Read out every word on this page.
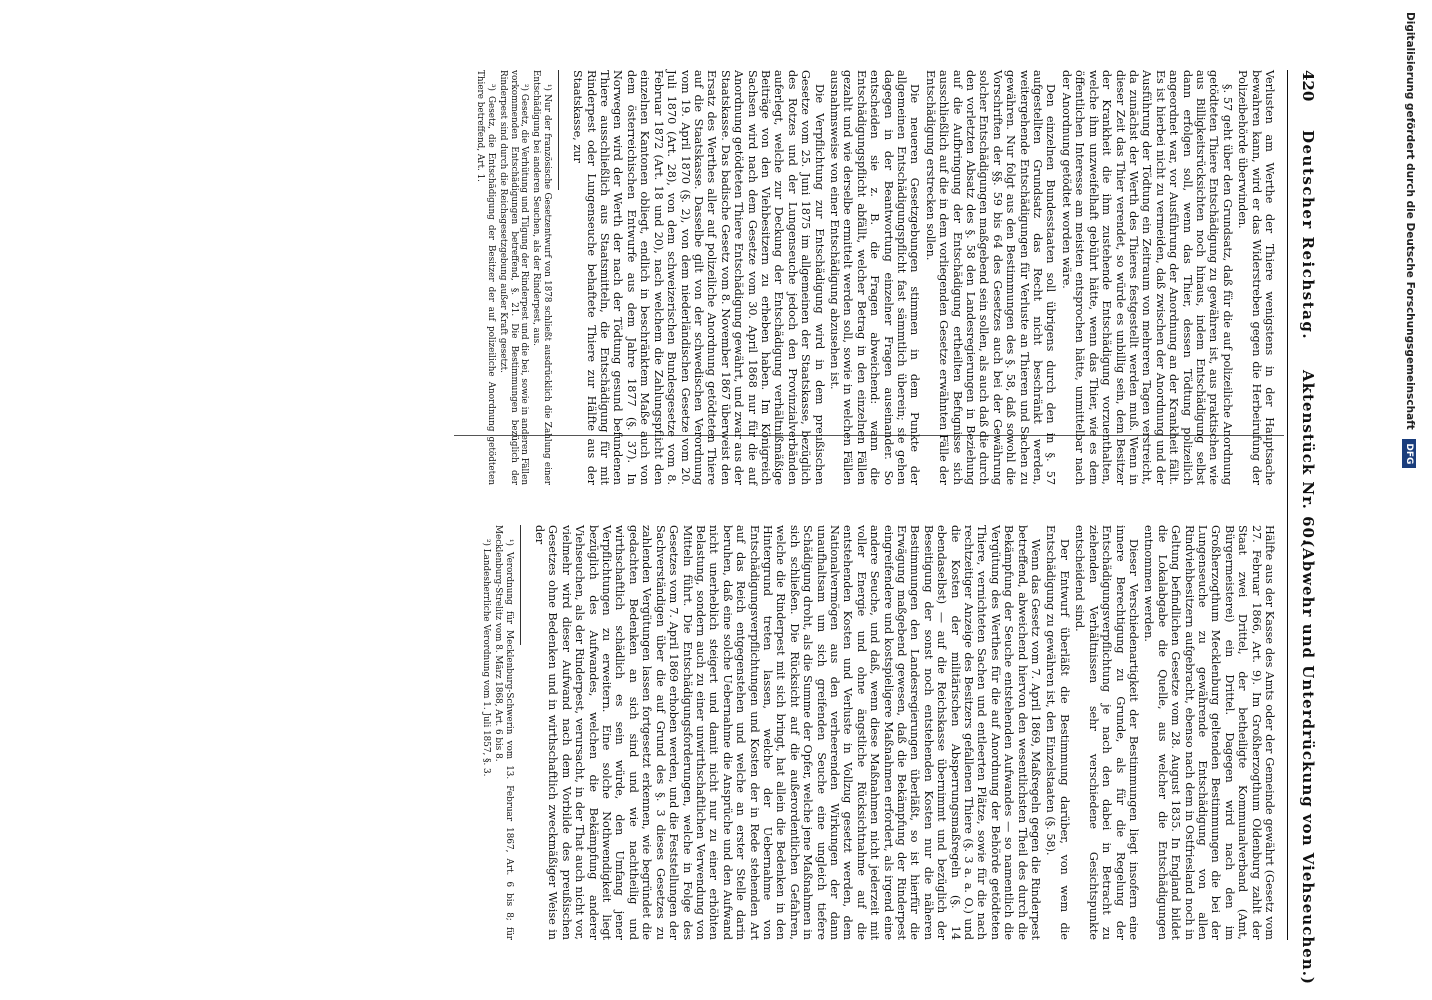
420
Deutscher Reichstag.
Aktenstück Nr. 60.
(Abwehr und Unterdrückung von Viehseuchen.)

Verlusten am Werthe der Thiere wenigstens in der Hauptsache bewahren kann, wird er das Widerstreben gegen die Herbeirufung der Polizeibehörde überwinden.

§. 57 geht über den Grundsatz, daß für die auf polizeiliche Anordnung getödteten Thiere Entschädigung zu gewähren ist, aus praktischen wie aus Billigkeitsrücksichten noch hinaus, indem Entschädigung selbst dann erfolgen soll, wenn das Thier, dessen Tödtung polizeilich angeordnet war, vor Ausführung der Anordnung an der Krankheit fällt. Es ist hierbei nicht zu vermeiden, daß zwischen der Anordnung und der Ausführung der Tödtung ein Zeitraum von mehreren Tagen verstreicht, da zunächst der Werth des Thieres festgestellt werden muß. Wenn in dieser Zeit das Thier verendet, so würde es unbillig sein, dem Besitzer der Krankheit die ihm zustehende Entschädigung vorzuenthalten, welche ihm unzweifelhaft gebührt hätte, wenn das Thier, wie es dem öffentlichen Interesse am meisten entsprochen hätte, unmittelbar nach der Anordnung getödtet worden wäre.

Den einzelnen Bundesstaaten soll übrigens durch den in §. 57 aufgestellten Grundsatz das Recht nicht beschränkt werden, weitergehende Entschädigungen für Verluste an Thieren und Sachen zu gewähren. Nur folgt aus den Bestimmungen des §. 58, daß sowohl die Vorschriften der §§. 59 bis 64 des Gesetzes auch bei der Gewährung solcher Entschädigungen maßgebend sein sollen, als auch daß die durch den vorletzten Absatz des §. 58 den Landesregierungen in Beziehung auf die Aufbringung der Entschädigung ertheilten Befugnisse sich ausschließlich auf die in dem vorliegenden Gesetze erwähnten Fälle der Entschädigung erstrecken sollen.

Die neueren Gesetzgebungen stimmen in dem Punkte der allgemeinen Entschädigungspflicht fast sämmtlich überein; sie gehen dagegen in der Beantwortung einzelner Fragen auseinander. So entscheiden sie z. B. die Fragen abweichend: wann die Entschädigungspflicht abfällt, welcher Betrag in den einzelnen Fällen gezahlt und wie derselbe ermittelt werden soll, sowie in welchen Fällen ausnahmsweise von einer Entschädigung abzusehen ist.

Die Verpflichtung zur Entschädigung wird in dem preußischen Gesetze vom 25. Juni 1875 im allgemeinen der Staatskasse, bezüglich des Rotzes und der Lungenseuche jedoch den Provinzialverbänden auferlegt, welche zur Deckung der Entschädigung verhältnißmäßige Beiträge von den Viehbesitzern zu erheben haben. Im Königreich Sachsen wird nach dem Gesetze vom 30. April 1868 nur für die auf Anordnung getödteten Thiere Entschädigung gewährt, und zwar aus der Staatskasse. Das badische Gesetz vom 8. November 1867 überweist den Ersatz des Werthes aller auf polizeiliche Anordnung getödteten Thiere auf die Staatskasse. Dasselbe gilt von der schwedischen Verordnung vom 19. April 1870 (§. 2), von dem niederländischen Gesetze vom 20. Juli 1870 (Art. 28), von dem schweizerischen Bundesgesetze vom 8. Februar 1872 (Art. 18 und 20), nach welchem die Zahlungspflicht den einzelnen Kantonen obliegt, endlich in beschränktem Maße auch von dem österreichischen Entwurfe aus dem Jahre 1877 (§. 37). In Norwegen wird der Werth der nach der Tödtung gesund befundenen Thiere ausschließlich aus Staatsmitteln, die Entschädigung für mit Rinderpest oder Lungenseuche behaftete Thiere zur Hälfte aus der Staatskasse, zur

¹) Nur der französische Gesetzentwurf von 1878 schließt ausdrücklich die Zahlung einer Entschädigung bei anderen Seuchen, als der Rinderpest, aus.

²) Gesetz, die Verhütung und Tilgung der Rinderpest und die bei, sowie in anderen Fällen vorkommenden Entschädigungen betreffend, §. 21. Die Bestimmungen bezüglich der Rinderpest sind durch die Reichsgesetzgebung außer Kraft gesetzt.

³) Gesetz, die Entschädigung der Besitzer der auf polizeiliche Anordnung getödteten Thiere betreffend, Art. 1.

Hälfte aus der Kasse des Amts oder der Gemeinde gewährt (Gesetz vom 27. Februar 1866, Art. 9). Im Großherzogthum Oldenburg zahlt der Staat zwei Drittel, der betheiligte Kommunalverband (Amt, Bürgermeisterei) ein Drittel. Dagegen wird nach den im Großherzogthum Mecklenburg geltenden Bestimmungen die bei der Lungenseuche zu gewährende Entschädigung von allen Rindviehbesitzern aufgebracht, ebenso nach dem in Ostfriesland noch in Geltung befindlichen Gesetze vom 28. August 1835. In England bildet die Lokalabgabe die Quelle, aus welcher die Entschädigungen entnommen werden.

Dieser Verschiedenartigkeit der Bestimmungen liegt insofern eine innere Berechtigung zu Grunde, als für die Regelung der Entschädigungsverpflichtung je nach den dabei in Betracht zu ziehenden Verhältnissen sehr verschiedene Gesichtspunkte entscheidend sind.

Der Entwurf überläßt die Bestimmung darüber, von wem die Entschädigung zu gewähren ist, den Einzelstaaten (§. 58).

Wenn das Gesetz vom 7. April 1869, Maßregeln gegen die Rinderpest betreffend, abweichend hiervon den wesentlichsten Theil des durch die Bekämpfung der Seuche entstehenden Aufwandes — so namentlich die Vergütung des Werthes für die auf Anordnung der Behörde getödteten Thiere, vernichteten Sachen und entleerten Plätze, sowie für die nach rechtzeitiger Anzeige des Besitzers gefallenen Thiere (§. 3 a. a. O.) und die Kosten der militärischen Absperrungsmaßregeln (§. 14 ebendaselbst) — auf die Reichskasse übernimmt und bezüglich der Beseitigung der sonst noch entstehenden Kosten nur die näheren Bestimmungen den Landesregierungen überläßt, so ist hierfür die Erwägung maßgebend gewesen, daß die Bekämpfung der Rinderpest eingreifendere und kostspieligere Maßnahmen erfordert, als irgend eine andere Seuche, und daß, wenn diese Maßnahmen nicht jederzeit mit voller Energie und ohne ängstliche Rücksichtnahme auf die entstehenden Kosten und Verluste in Vollzug gesetzt werden, dem Nationalvermögen aus den verheerenden Wirkungen der dann unaufhaltsam um sich greifenden Seuche eine ungleich tiefere Schädigung droht, als die Summe der Opfer, welche jene Maßnahmen in sich schließen. Die Rücksicht auf die außerordentlichen Gefahren, welche die Rinderpest mit sich bringt, hat allein die Bedenken in den Hintergrund treten lassen, welche der Uebernahme von Entschädigungsverpflichtungen und Kosten der in Rede stehenden Art auf das Reich entgegenstehen und welche an erster Stelle darin beruhen, daß eine solche Uebernahme die Ansprüche und den Aufwand nicht unerheblich steigert und damit nicht nur zu einer erhöhten Belastung, sondern auch zu einer unwirthschaftlichen Verwendung von Mitteln führt. Die Entschädigungsforderungen, welche in Folge des Gesetzes vom 7. April 1869 erhoben werden, und die Feststellungen der Sachverständigen über die auf Grund des §. 3 dieses Gesetzes zu zahlenden Vergütungen lassen fortgesetzt erkennen, wie begründet die gedachten Bedenken an sich sind und wie nachtheilig und wirthschaftlich schädlich es sein würde, den Umfang jener Verpflichtungen zu erweitern. Eine solche Nothwendigkeit liegt bezüglich des Aufwandes, welchen die Bekämpfung anderer Viehseuchen, als der Rinderpest, verursacht, in der That auch nicht vor, vielmehr wird dieser Aufwand nach dem Vorbilde des preußischen Gesetzes ohne Bedenken und in wirthschaftlich zweckmäßiger Weise in der

¹) Verordnung für Mecklenburg-Schwerin vom 13. Februar 1867, Art. 6 bis 8; für Mecklenburg-Strelitz vom 8. März 1868, Art. 6 bis 8.

²) Landesherrliche Verordnung vom 1. Juli 1857, §. 3.

Digitalisierung gefördert durch die Deutsche Forschungsgemeinschaft DFG
